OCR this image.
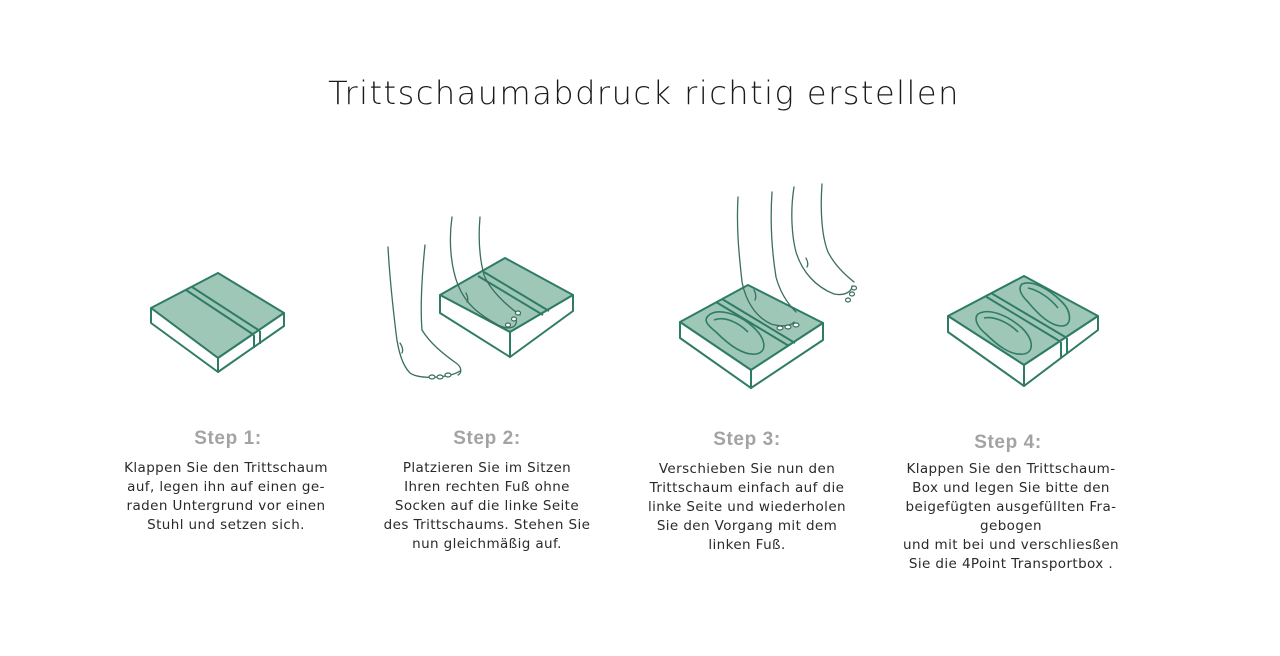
Trittschaumabdruck richtig erstellen
Step 1:
Klappen Sie den Trittschaum
auf, legen ihn auf einen ge-
raden Untergrund vor einen
Stuhl und setzen sich.
Step 2:
Platzieren Sie im Sitzen
Ihren rechten Fuß ohne
Socken auf die linke Seite
des Trittschaums. Stehen Sie
nun gleichmäßig auf.
Step 3:
Verschieben Sie nun den
Trittschaum einfach auf die
linke Seite und wiederholen
Sie den Vorgang mit dem
linken Fuß.
Step 4:
Klappen Sie den Trittschaum-
Box und legen Sie bitte den
beigefügten ausgefüllten Fra-
gebogen
und mit bei und verschliesßen
Sie die 4Point Transportbox .
